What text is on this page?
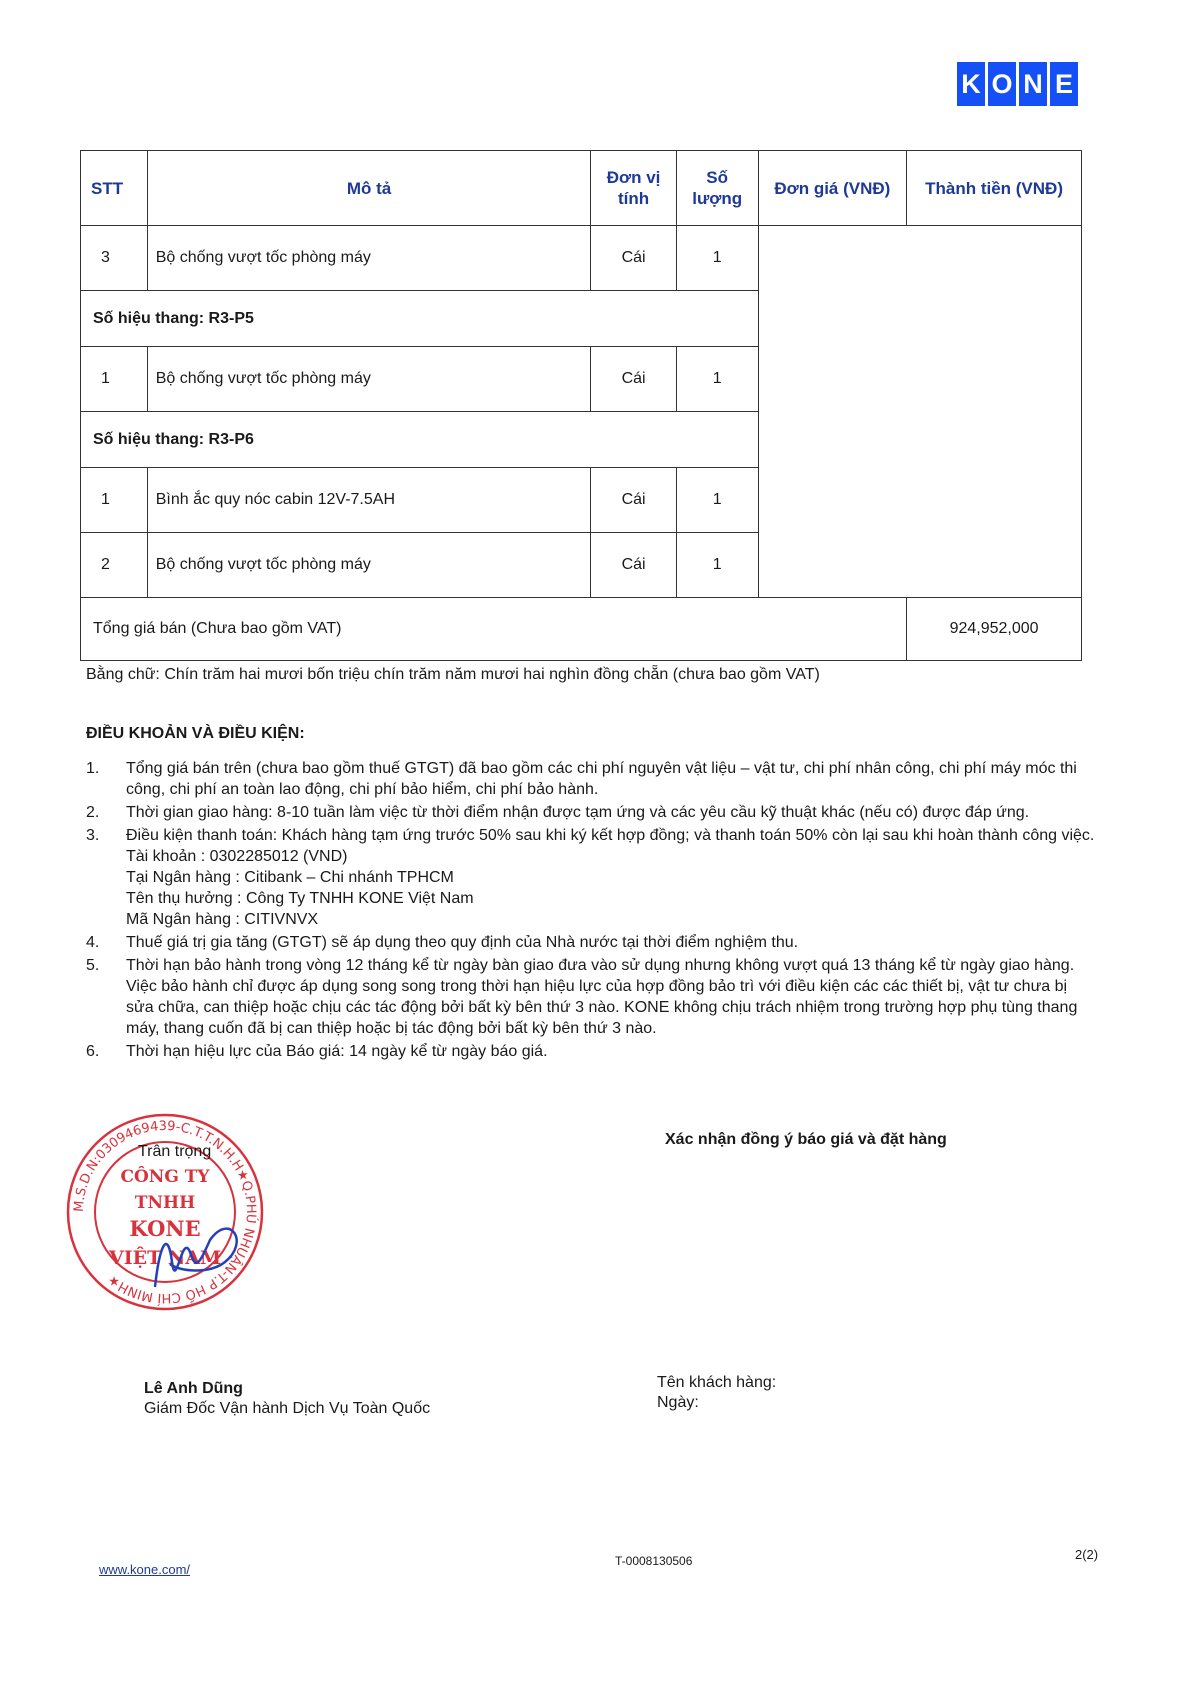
K O N E
STT	Mô tả	Đơn vị tính	Số lượng	Đơn giá (VNĐ)	Thành tiền (VNĐ)
3	Bộ chống vượt tốc phòng máy	Cái	1		
Số hiệu thang: R3-P5					
1	Bộ chống vượt tốc phòng máy	Cái	1		
Số hiệu thang: R3-P6					
1	Bình ắc quy nóc cabin 12V-7.5AH	Cái	1		
2	Bộ chống vượt tốc phòng máy	Cái	1		
Tổng giá bán (Chưa bao gồm VAT)					924,952,000
Bằng chữ: Chín trăm hai mươi bốn triệu chín trăm năm mươi hai nghìn đồng chẵn (chưa bao gồm VAT)
ĐIỀU KHOẢN VÀ ĐIỀU KIỆN:
1.	Tổng giá bán trên (chưa bao gồm thuế GTGT) đã bao gồm các chi phí nguyên vật liệu – vật tư, chi phí nhân công, chi phí máy móc thi công, chi phí an toàn lao động, chi phí bảo hiểm, chi phí bảo hành.
2.	Thời gian giao hàng: 8-10 tuần làm việc từ thời điểm nhận được tạm ứng và các yêu cầu kỹ thuật khác (nếu có) được đáp ứng.
3.	Điều kiện thanh toán: Khách hàng tạm ứng trước 50% sau khi ký kết hợp đồng; và thanh toán 50% còn lại sau khi hoàn thành công việc.
Tài khoản : 0302285012 (VND)
Tại Ngân hàng : Citibank – Chi nhánh TPHCM
Tên thụ hưởng : Công Ty TNHH KONE Việt Nam
Mã Ngân hàng : CITIVNVX
4.	Thuế giá trị gia tăng (GTGT) sẽ áp dụng theo quy định của Nhà nước tại thời điểm nghiệm thu.
5.	Thời hạn bảo hành trong vòng 12 tháng kể từ ngày bàn giao đưa vào sử dụng nhưng không vượt quá 13 tháng kể từ ngày giao hàng. Việc bảo hành chỉ được áp dụng song song trong thời hạn hiệu lực của hợp đồng bảo trì với điều kiện các các thiết bị, vật tư chưa bị sửa chữa, can thiệp hoặc chịu các tác động bởi bất kỳ bên thứ 3 nào. KONE không chịu trách nhiệm trong trường hợp phụ tùng thang máy, thang cuốn đã bị can thiệp hoặc bị tác động bởi bất kỳ bên thứ 3 nào.
6.	Thời hạn hiệu lực của Báo giá: 14 ngày kể từ ngày báo giá.
Xác nhận đồng ý báo giá và đặt hàng
M.S.D.N:0309469439-C.T.T.N.H.H★Q.PHÚ NHUẬN-T.P HỒ CHÍ MINH★
CÔNG TY
TNHH
KONE
VIỆT NAM
Trân trọng
Lê Anh Dũng
Giám Đốc Vận hành Dịch Vụ Toàn Quốc
Tên khách hàng:
Ngày:
www.kone.com/
T-0008130506	2(2)
